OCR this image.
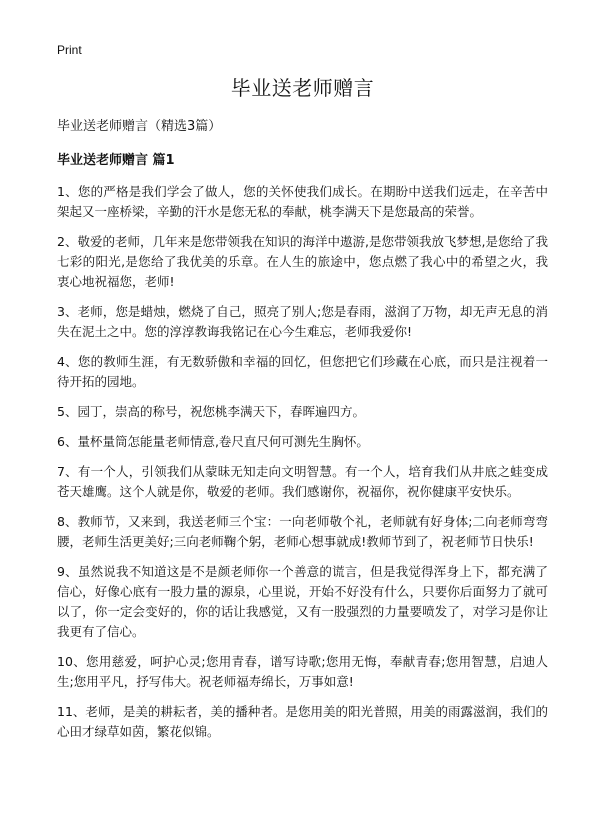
Print
毕业送老师赠言
毕业送老师赠言（精选3篇）
毕业送老师赠言 篇1

1、您的严格是我们学会了做人，您的关怀使我们成长。在期盼中送我们远走，在辛苦中架起又一座桥梁，辛勤的汗水是您无私的奉献，桃李满天下是您最高的荣誉。

2、敬爱的老师，几年来是您带领我在知识的海洋中遨游,是您带领我放飞梦想,是您给了我七彩的阳光,是您给了我优美的乐章。在人生的旅途中，您点燃了我心中的希望之火，我衷心地祝福您，老师!

3、老师，您是蜡烛，燃烧了自己，照亮了别人;您是春雨，滋润了万物，却无声无息的消失在泥土之中。您的淳淳教诲我铭记在心今生难忘，老师我爱你!

4、您的教师生涯，有无数骄傲和幸福的回忆，但您把它们珍藏在心底，而只是注视着一待开拓的园地。

5、园丁，崇高的称号，祝您桃李满天下，春晖遍四方。

6、量杯量筒怎能量老师情意,卷尺直尺何可测先生胸怀。

7、有一个人，引领我们从蒙昧无知走向文明智慧。有一个人，培育我们从井底之蛙变成苍天雄鹰。这个人就是你，敬爱的老师。我们感谢你，祝福你，祝你健康平安快乐。

8、教师节，又来到，我送老师三个宝：一向老师敬个礼，老师就有好身体;二向老师弯弯腰，老师生活更美好;三向老师鞠个躬，老师心想事就成!教师节到了，祝老师节日快乐!

9、虽然说我不知道这是不是颜老师你一个善意的谎言，但是我觉得浑身上下，都充满了信心，好像心底有一股力量的源泉，心里说，开始不好没有什么，只要你后面努力了就可以了，你一定会变好的，你的话让我感觉，又有一股强烈的力量要喷发了，对学习是你让我更有了信心。

10、您用慈爱，呵护心灵;您用青春，谱写诗歌;您用无悔，奉献青春;您用智慧，启迪人生;您用平凡，抒写伟大。祝老师福寿绵长，万事如意!

11、老师，是美的耕耘者，美的播种者。是您用美的阳光普照，用美的雨露滋润，我们的心田才绿草如茵，繁花似锦。
